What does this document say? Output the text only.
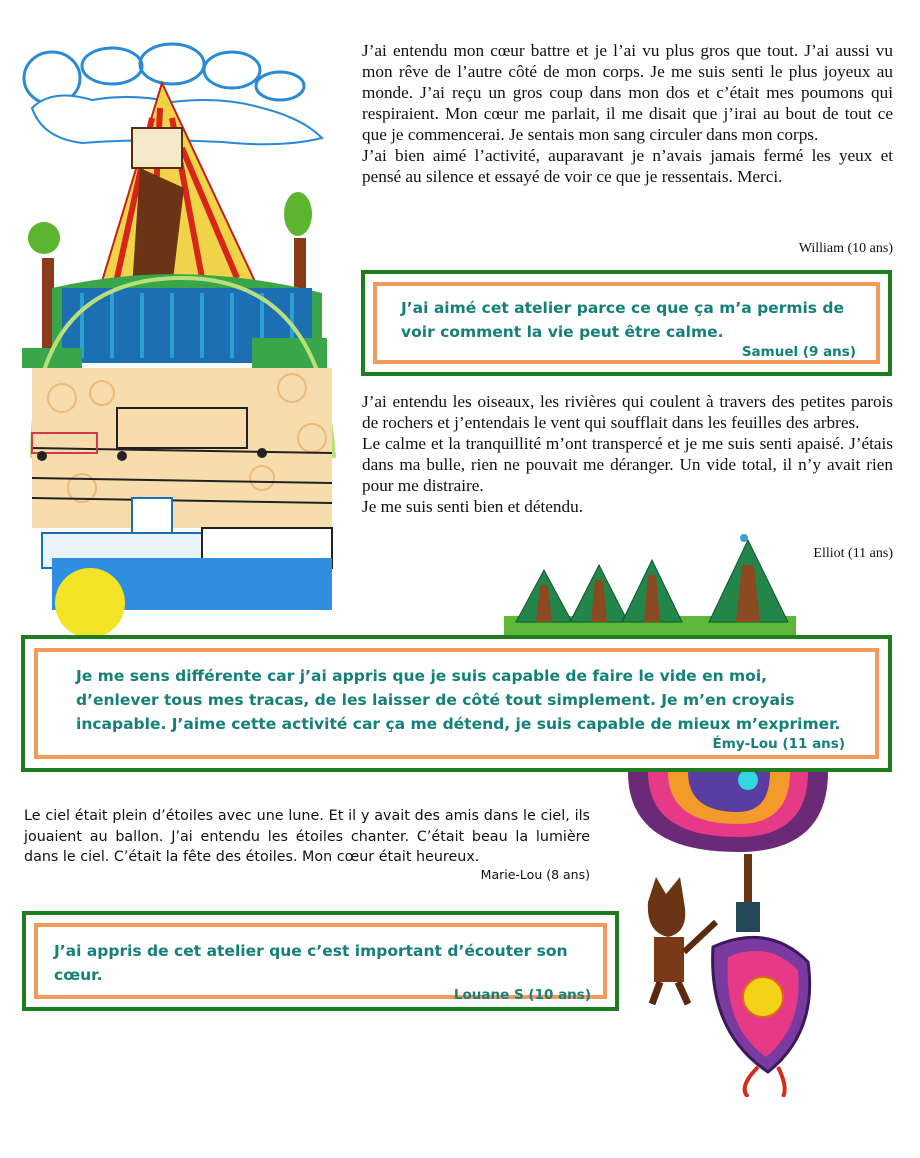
J’ai entendu mon cœur battre et je l’ai vu plus gros que tout. J’ai aussi vu mon rêve de l’autre côté de mon corps. Je me suis senti le plus joyeux au monde. J’ai reçu un gros coup dans mon dos et c’était mes poumons qui respiraient. Mon cœur me parlait, il me disait que j’irai au bout de tout ce que je commencerai. Je sentais mon sang circuler dans mon corps.

J’ai bien aimé l’activité, auparavant je n’avais jamais fermé les yeux et pensé au silence et essayé de voir ce que je ressentais. Merci.

William (10 ans)

J’ai aimé cet atelier parce ce que ça m’a permis de voir comment la vie peut être calme.

Samuel (9 ans)

J’ai entendu les oiseaux, les rivières qui coulent à travers des petites parois de rochers et j’entendais le vent qui soufflait dans les feuilles des arbres.

Le calme et la tranquillité m’ont transpercé et je me suis senti apaisé. J’étais dans ma bulle, rien ne pouvait me déranger. Un vide total, il n’y avait rien pour me distraire.

Je me suis senti bien et détendu.

Elliot (11 ans)

Je me sens différente car j’ai appris que je suis capable de faire le vide en moi, d’enlever tous mes tracas, de les laisser de côté tout simplement. Je m’en croyais incapable. J’aime cette activité car ça me détend, je suis capable de mieux m’exprimer.

Émy-Lou (11 ans)

Le ciel était plein d’étoiles avec une lune. Et il y avait des amis dans le ciel, ils jouaient au ballon. J’ai entendu les étoiles chanter. C’était beau la lumière dans le ciel. C’était la fête des étoiles. Mon cœur était heureux.
Marie-Lou (8 ans)

J’ai appris de cet atelier que c’est important d’écouter son cœur.

Louane S (10 ans)
